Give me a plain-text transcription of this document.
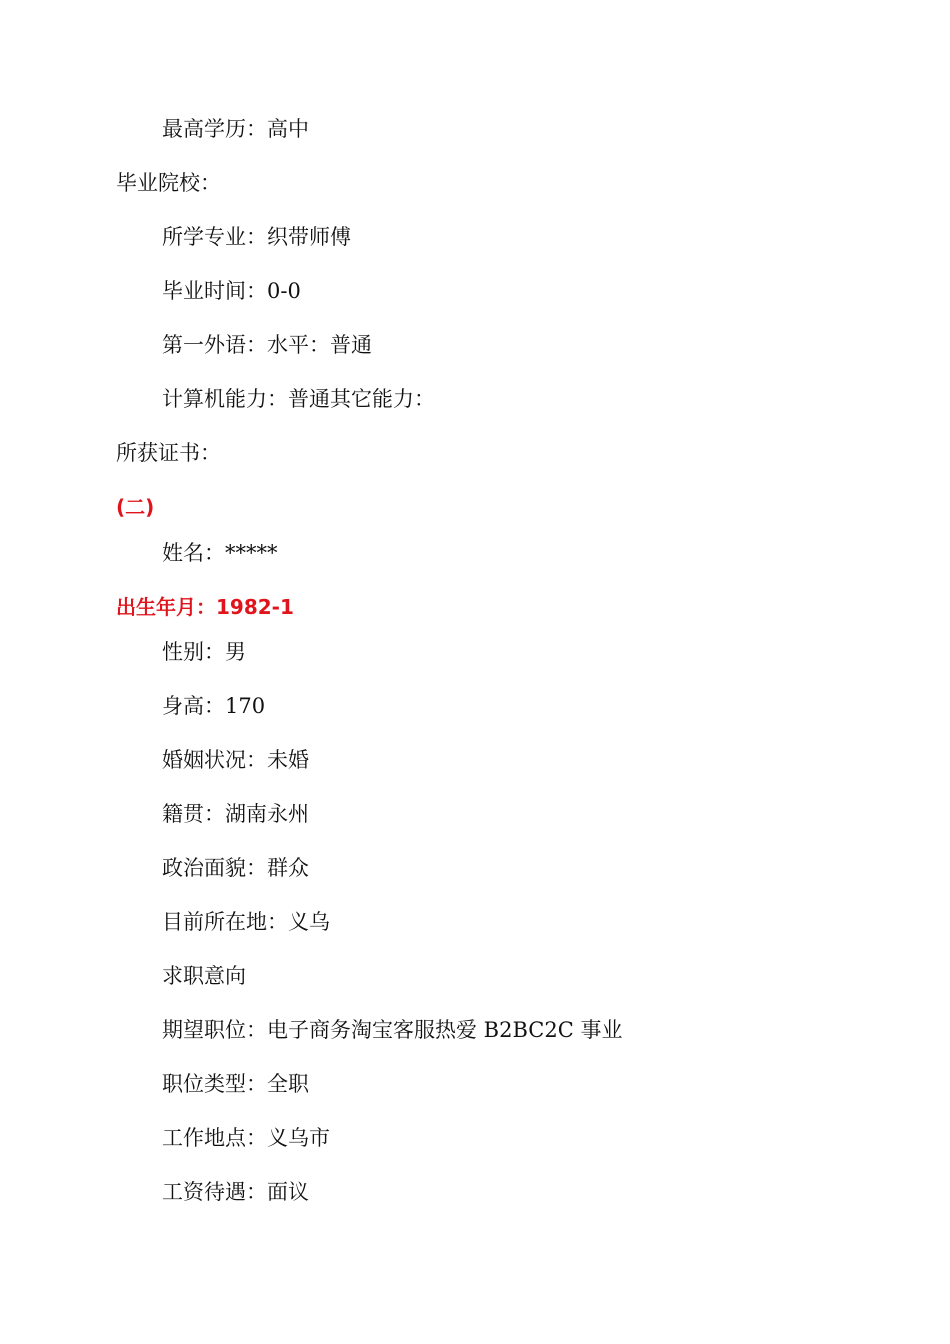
最高学历：高中
毕业院校：
所学专业：织带师傅
毕业时间：0-0
第一外语：水平：普通
计算机能力：普通其它能力：
所获证书：
(二)
姓名：*****
出生年月：1982-1
性别：男
身高：170
婚姻状况：未婚
籍贯：湖南永州
政治面貌：群众
目前所在地：义乌
求职意向
期望职位：电子商务淘宝客服热爱 B2BC2C 事业
职位类型：全职
工作地点：义乌市
工资待遇：面议
